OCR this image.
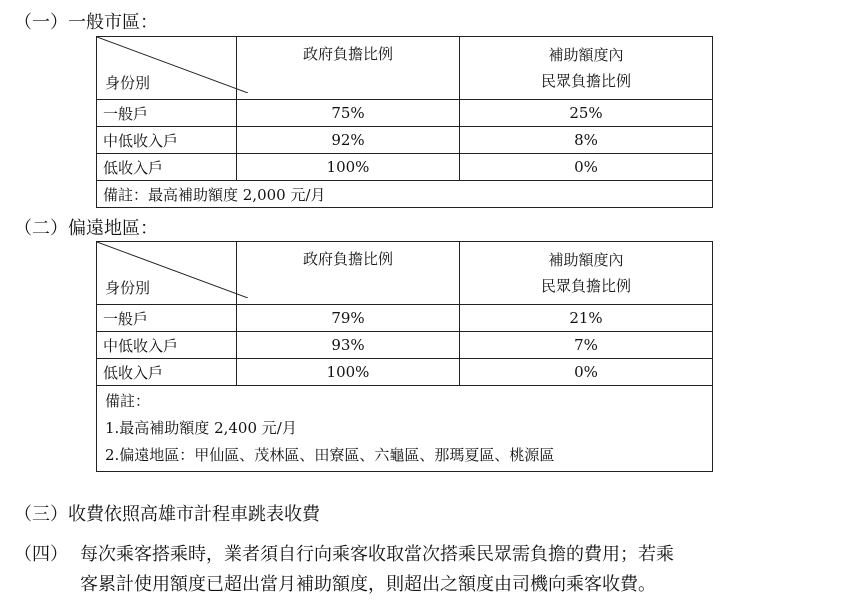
（一）一般市區：
身份別	政府負擔比例	補助額度內
民眾負擔比例
一般戶	75%	25%
中低收入戶	92%	8%
低收入戶	100%	0%
備註：最高補助額度 2,000 元/月		
（二）偏遠地區：
身份別	政府負擔比例	補助額度內
民眾負擔比例
一般戶	79%	21%
中低收入戶	93%	7%
低收入戶	100%	0%

備註：
1.最高補助額度 2,400 元/月
2.偏遠地區：甲仙區、茂林區、田寮區、六龜區、那瑪夏區、桃源區		
（三）收費依照高雄市計程車跳表收費
（四） 每次乘客搭乘時，業者須自行向乘客收取當次搭乘民眾需負擔的費用；若乘
客累計使用額度已超出當月補助額度，則超出之額度由司機向乘客收費。
